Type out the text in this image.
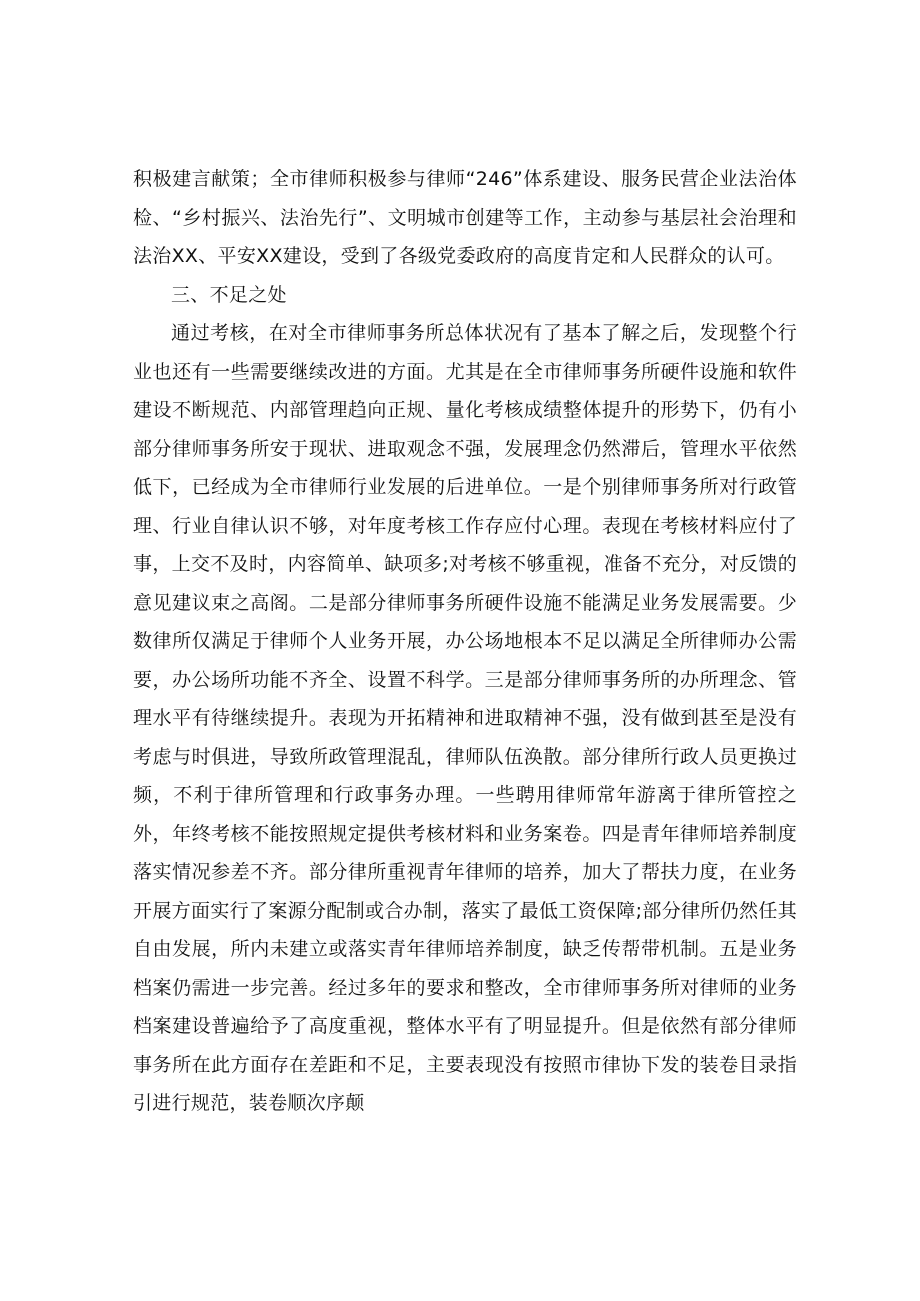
积极建言献策；全市律师积极参与律师“246”体系建设、服务民营企业法治体检、“乡村振兴、法治先行”、文明城市创建等工作，主动参与基层社会治理和法治XX、平安XX建设，受到了各级党委政府的高度肯定和人民群众的认可。

三、不足之处

通过考核，在对全市律师事务所总体状况有了基本了解之后，发现整个行业也还有一些需要继续改进的方面。尤其是在全市律师事务所硬件设施和软件建设不断规范、内部管理趋向正规、量化考核成绩整体提升的形势下，仍有小部分律师事务所安于现状、进取观念不强，发展理念仍然滞后，管理水平依然低下，已经成为全市律师行业发展的后进单位。一是个别律师事务所对行政管理、行业自律认识不够，对年度考核工作存应付心理。表现在考核材料应付了事，上交不及时，内容简单、缺项多;对考核不够重视，准备不充分，对反馈的意见建议束之高阁。二是部分律师事务所硬件设施不能满足业务发展需要。少数律所仅满足于律师个人业务开展，办公场地根本不足以满足全所律师办公需要，办公场所功能不齐全、设置不科学。三是部分律师事务所的办所理念、管理水平有待继续提升。表现为开拓精神和进取精神不强，没有做到甚至是没有考虑与时俱进，导致所政管理混乱，律师队伍涣散。部分律所行政人员更换过频，不利于律所管理和行政事务办理。一些聘用律师常年游离于律所管控之外，年终考核不能按照规定提供考核材料和业务案卷。四是青年律师培养制度落实情况参差不齐。部分律所重视青年律师的培养，加大了帮扶力度，在业务开展方面实行了案源分配制或合办制，落实了最低工资保障;部分律所仍然任其自由发展，所内未建立或落实青年律师培养制度，缺乏传帮带机制。五是业务档案仍需进一步完善。经过多年的要求和整改，全市律师事务所对律师的业务档案建设普遍给予了高度重视，整体水平有了明显提升。但是依然有部分律师事务所在此方面存在差距和不足，主要表现没有按照市律协下发的装卷目录指引进行规范，装卷顺次序颠
